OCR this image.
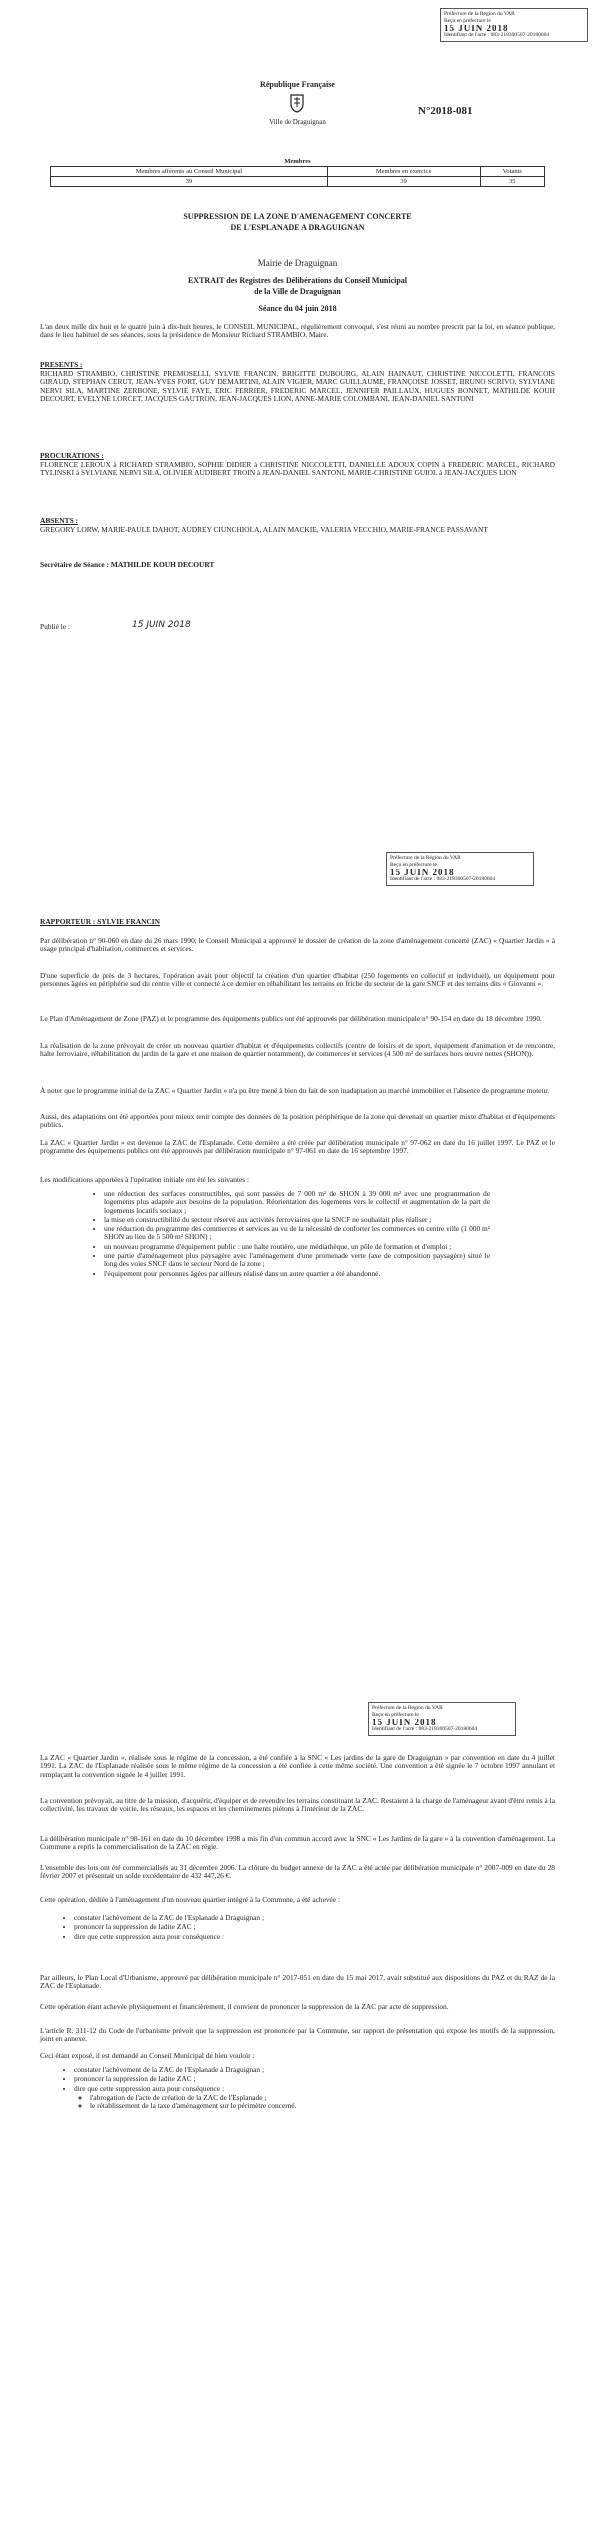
Préfecture de la Région du VAR
Reçu en préfecture le
15 JUIN 2018
Identifiant de l'acte : 083-218300507-20180604
République Française
Ville de Draguignan
N°2018-081
Membres		
Membres afférents au Conseil Municipal	Membres en exercice	Votants
39	39	35
SUPPRESSION DE LA ZONE D'AMENAGEMENT CONCERTE
DE L'ESPLANADE A DRAGUIGNAN
Mairie de Draguignan
EXTRAIT des Registres des Délibérations du Conseil Municipal
de la Ville de Draguignan
Séance du 04 juin 2018
L'an deux mille dix huit et le quatre juin à dix-huit heures, le CONSEIL MUNICIPAL, régulièrement convoqué, s'est réuni au nombre prescrit par la loi, en séance publique, dans le lieu habituel de ses séances, sous la présidence de Monsieur Richard STRAMBIO, Maire.
PRESENTS :
RICHARD STRAMBIO, CHRISTINE PREMOSELLI, SYLVIE FRANCIN, BRIGITTE DUBOURG, ALAIN HAINAUT, CHRISTINE NICCOLETTI, FRANCOIS GIRAUD, STEPHAN CERUT, JEAN-YVES FORT, GUY DEMARTINI, ALAIN VIGIER, MARC GUILLAUME, FRANÇOISE JOSSET, BRUNO SCRIVO, SYLVIANE NERVI SILA, MARTINE ZERBONE, SYLVIE FAYE, ERIC FERRIER, FREDERIC MARCEL, JENNIFER PAILLAUX, HUGUES BONNET, MATHILDE KOUH DECOURT, EVELYNE LORCET, JACQUES GAUTRON, JEAN-JACQUES LION, ANNE-MARIE COLOMBANI, JEAN-DANIEL SANTONI
PROCURATIONS :
FLORENCE LEROUX à RICHARD STRAMBIO, SOPHIE DIDIER à CHRISTINE NICCOLETTI, DANIELLE ADOUX COPIN à FREDERIC MARCEL, RICHARD TYLINSKI à SYLVIANE NERVI SILA, OLIVIER AUDIBERT TROIN à JEAN-DANIEL SANTONI, MARIE-CHRISTINE GUIOL à JEAN-JACQUES LION
ABSENTS :
GREGORY LORW, MARIE-PAULE DAHOT, AUDREY CIUNCHIOLA, ALAIN MACKIE, VALERIA VECCHIO, MARIE-FRANCE PASSAVANT
Secrétaire de Séance : MATHILDE KOUH DECOURT
Publié le :	15 JUIN 2018
Préfecture de la Région du VAR
Reçu en préfecture le
15 JUIN 2018
Identifiant de l'acte : 083-218300507-20180604
RAPPORTEUR : SYLVIE FRANCIN
Par délibération n° 90-060 en date du 26 mars 1990, le Conseil Municipal a approuvé le dossier de création de la zone d'aménagement concerté (ZAC) « Quartier Jardin » à usage principal d'habitation, commerces et services.
D'une superficie de près de 3 hectares, l'opération avait pour objectif la création d'un quartier d'habitat (250 logements en collectif et individuel), un équipement pour personnes âgées en périphérie sud du centre ville et connecté à ce dernier en réhabilitant les terrains en friche du secteur de la gare SNCF et des terrains dits « Giovanni ».
Le Plan d'Aménagement de Zone (PAZ) et le programme des équipements publics ont été approuvés par délibération municipale n° 90-154 en date du 18 décembre 1990.
La réalisation de la zone prévoyait de créer un nouveau quartier d'habitat et d'équipements collectifs (centre de loisirs et de sport, équipement d'animation et de rencontre, halte ferroviaire, réhabilitation du jardin de la gare et une maison de quartier notamment), de commerces et services (4 500 m² de surfaces hors œuvre nettes (SHON)).
À noter que le programme initial de la ZAC « Quartier Jardin » n'a pu être mené à bien du fait de son inadaptation au marché immobilier et l'absence de programme moteur.
Aussi, des adaptations ont été apportées pour mieux tenir compte des données de la position périphérique de la zone qui devenait un quartier mixte d'habitat et d'équipements publics.
La ZAC « Quartier Jardin » est devenue la ZAC de l'Esplanade. Cette dernière a été créée par délibération municipale n° 97-062 en date du 16 juillet 1997. Le PAZ et le programme des équipements publics ont été approuvés par délibération municipale n° 97-061 en date du 16 septembre 1997.
Les modifications apportées à l'opération initiale ont été les suivantes :
• une réduction des surfaces constructibles, qui sont passées de 7 000 m² de SHON à 39 000 m² avec une programmation de logements plus adaptée aux besoins de la population. Réorientation des logements vers le collectif et augmentation de la part de logements locatifs sociaux ;
• la mise en constructibilité du secteur réservé aux activités ferroviaires que la SNCF ne souhaitait plus réaliser ;
• une réduction du programme des commerces et services au vu de la nécessité de conforter les commerces en centre ville (1 000 m² SHON au lieu de 5 500 m² SHON) ;
• un nouveau programme d'équipement public : une halte routière, une médiathèque, un pôle de formation et d'emploi ;
• une partie d'aménagement plus paysagère avec l'aménagement d'une promenade verte (axe de composition paysagère) situé le long des voies SNCF dans le secteur Nord de la zone ;
• l'équipement pour personnes âgées par ailleurs réalisé dans un autre quartier a été abandonné.
Préfecture de la Région du VAR
Reçu en préfecture le
15 JUIN 2018
Identifiant de l'acte : 083-218300507-20180604
La ZAC « Quartier Jardin », réalisée sous le régime de la concession, a été confiée à la SNC « Les jardins de la gare de Draguignan » par convention en date du 4 juillet 1991. La ZAC de l'Esplanade réalisée sous le même régime de la concession a été confiée à cette même société. Une convention a été signée le 7 octobre 1997 annulant et remplaçant la convention signée le 4 juillet 1991.
La convention prévoyait, au titre de la mission, d'acquérir, d'équiper et de revendre les terrains constituant la ZAC. Restaient à la charge de l'aménageur avant d'être remis à la collectivité, les travaux de voirie, les réseaux, les espaces et les cheminements piétons à l'intérieur de la ZAC.
La délibération municipale n° 98-161 en date du 10 décembre 1998 a mis fin d'un commun accord avec la SNC « Les Jardins de la gare » à la convention d'aménagement. La Commune a repris la commercialisation de la ZAC en régie.
L'ensemble des lots ont été commercialisés au 31 décembre 2006. La clôture du budget annexe de la ZAC a été actée par délibération municipale n° 2007-009 en date du 28 février 2007 et présentait un solde excédentaire de 432 447,26 €.
Cette opération, dédiée à l'aménagement d'un nouveau quartier intégré à la Commune, a été achevée :
• constater l'achèvement de la ZAC de l'Esplanade à Draguignan ;
• prononcer la suppression de ladite ZAC ;
• dire que cette suppression aura pour conséquence :
Par ailleurs, le Plan Local d'Urbanisme, approuvé par délibération municipale n° 2017-051 en date du 15 mai 2017, avait substitué aux dispositions du PAZ et du RAZ de la ZAC de l'Esplanade.
Cette opération étant achevée physiquement et financièrement, il convient de prononcer la suppression de la ZAC par acte de suppression.
L'article R. 311-12 du Code de l'urbanisme prévoit que la suppression est prononcée par la Commune, sur rapport de présentation qui expose les motifs de la suppression, joint en annexe.
Ceci étant exposé, il est demandé au Conseil Municipal de bien vouloir :
• constater l'achèvement de la ZAC de l'Esplanade à Draguignan ;
• prononcer la suppression de ladite ZAC ;
• dire que cette suppression aura pour conséquence :
◦ l'abrogation de l'acte de création de la ZAC de l'Esplanade ;
◦ le rétablissement de la taxe d'aménagement sur le périmètre concerné.
